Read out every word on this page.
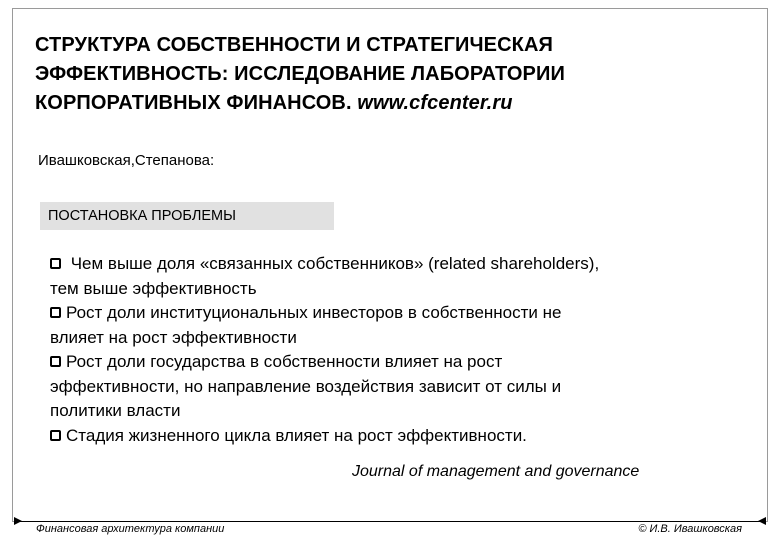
СТРУКТУРА СОБСТВЕННОСТИ И СТРАТЕГИЧЕСКАЯ
ЭФФЕКТИВНОСТЬ: ИССЛЕДОВАНИЕ ЛАБОРАТОРИИ
КОРПОРАТИВНЫХ ФИНАНСОВ. www.cfcenter.ru
Ивашковская,Степанова:
ПОСТАНОВКА ПРОБЛЕМЫ
Чем выше доля «связанных собственников» (related shareholders),
тем выше эффективность
Рост доли институциональных инвесторов в собственности не
влияет на рост эффективности
Рост доли государства в собственности влияет на рост
эффективности, но направление воздействия зависит от силы и
политики власти
Стадия жизненного цикла влияет на рост эффективности.
Journal of management and governance
Финансовая архитектура компании	© И.В. Ивашковская
